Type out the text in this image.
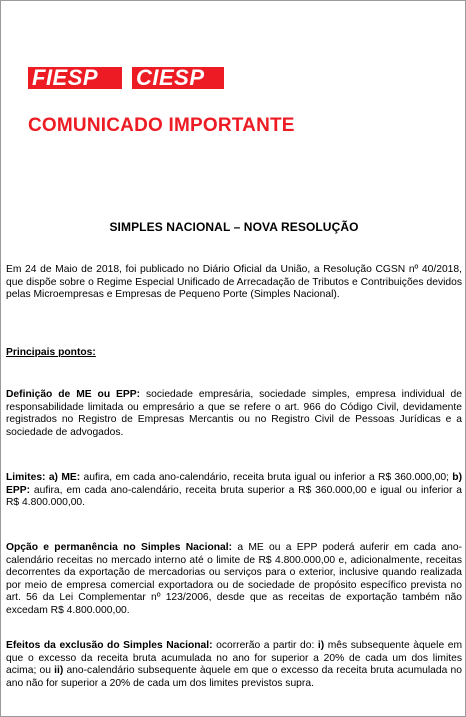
FIESP	CIESP
COMUNICADO IMPORTANTE
SIMPLES NACIONAL – NOVA RESOLUÇÃO
Em 24 de Maio de 2018, foi publicado no Diário Oficial da União, a Resolução CGSN nº 40/2018, que dispõe sobre o Regime Especial Unificado de Arrecadação de Tributos e Contribuições devidos pelas Microempresas e Empresas de Pequeno Porte (Simples Nacional).
Principais pontos:
Definição de ME ou EPP: sociedade empresária, sociedade simples, empresa individual de responsabilidade limitada ou empresário a que se refere o art. 966 do Código Civil, devidamente registrados no Registro de Empresas Mercantis ou no Registro Civil de Pessoas Jurídicas e a sociedade de advogados.
Limites: a) ME: aufira, em cada ano-calendário, receita bruta igual ou inferior a R$ 360.000,00; b) EPP: aufira, em cada ano-calendário, receita bruta superior a R$ 360.000,00 e igual ou inferior a R$ 4.800.000,00.
Opção e permanência no Simples Nacional: a ME ou a EPP poderá auferir em cada ano-calendário receitas no mercado interno até o limite de R$ 4.800.000,00 e, adicionalmente, receitas decorrentes da exportação de mercadorias ou serviços para o exterior, inclusive quando realizada por meio de empresa comercial exportadora ou de sociedade de propósito específico prevista no art. 56 da Lei Complementar nº 123/2006, desde que as receitas de exportação também não excedam R$ 4.800.000,00.
Efeitos da exclusão do Simples Nacional: ocorrerão a partir do: i) mês subsequente àquele em que o excesso da receita bruta acumulada no ano for superior a 20% de cada um dos limites acima; ou ii) ano-calendário subsequente àquele em que o excesso da receita bruta acumulada no ano não for superior a 20% de cada um dos limites previstos supra.
